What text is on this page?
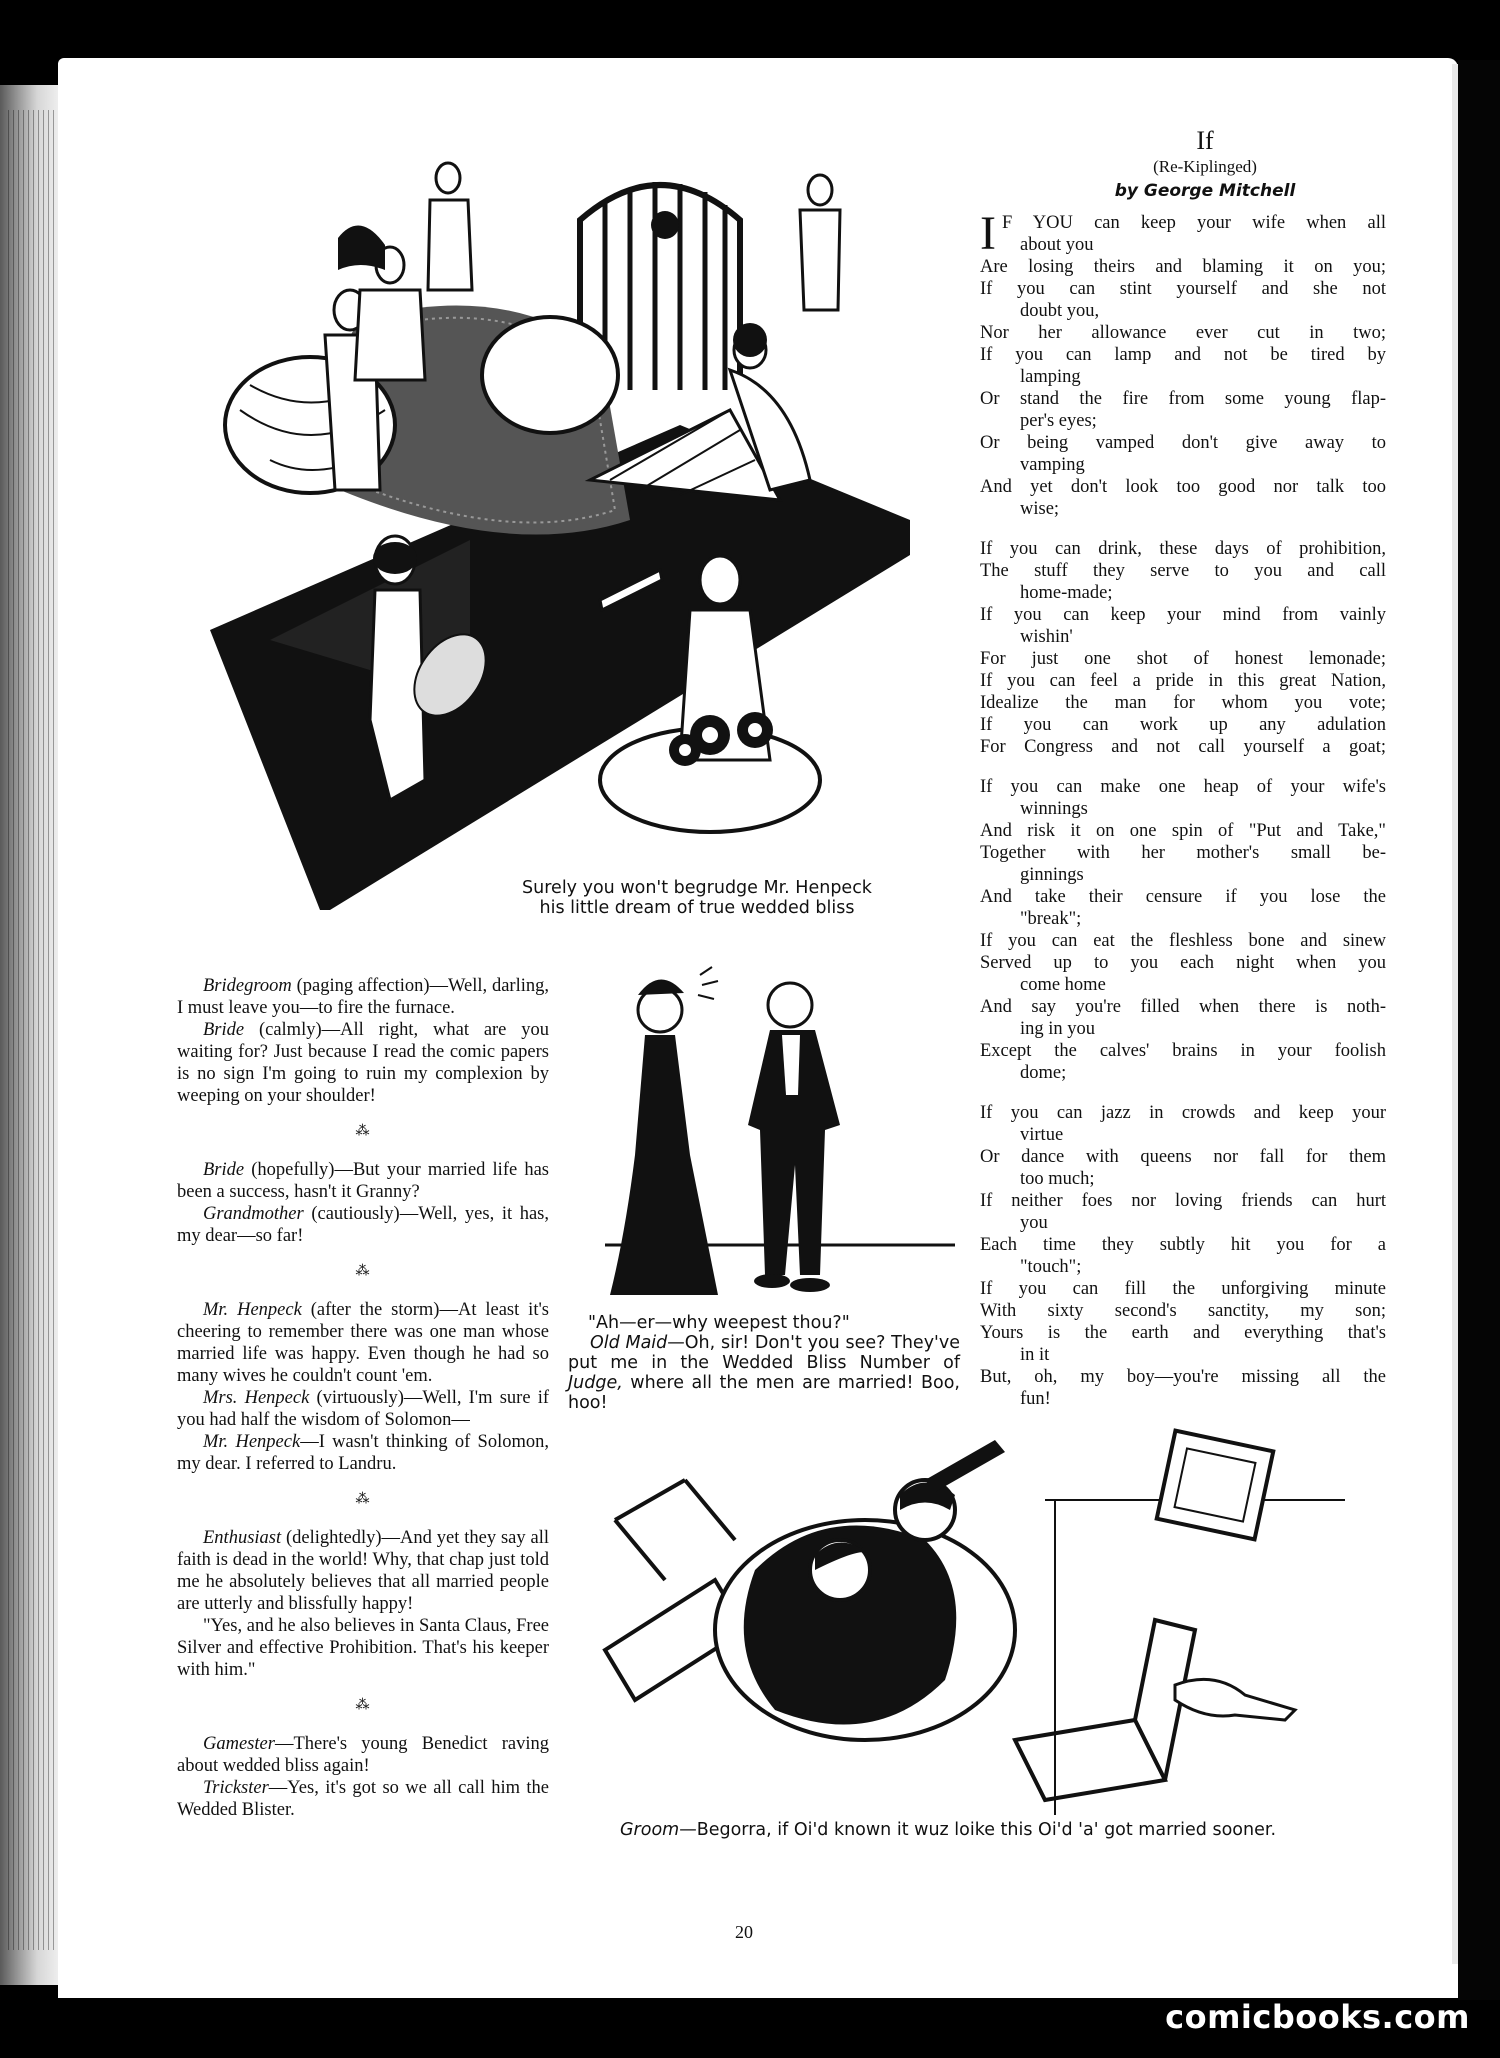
Surely you won't begrudge Mr. Henpeck
his little dream of true wedded bliss
"Ah—er—why weepest thou?"
Old Maid—Oh, sir! Don't you see? They've put me in the Wedded Bliss Number of Judge, where all the men are married! Boo, hoo!
Groom—Begorra, if Oi'd known it wuz loike this Oi'd 'a' got married sooner.
If
(Re-Kiplinged)
by George Mitchell
I F YOU can keep your wife when all
about you
Are losing theirs and blaming it on you;
If you can stint yourself and she not
doubt you,
Nor her allowance ever cut in two;
If you can lamp and not be tired by
lamping
Or stand the fire from some young flap-
per's eyes;
Or being vamped don't give away to
vamping
And yet don't look too good nor talk too
wise;
If you can drink, these days of prohibition,
The stuff they serve to you and call
home-made;
If you can keep your mind from vainly
wishin'
For just one shot of honest lemonade;
If you can feel a pride in this great Nation,
Idealize the man for whom you vote;
If you can work up any adulation
For Congress and not call yourself a goat;
If you can make one heap of your wife's
winnings
And risk it on one spin of "Put and Take,"
Together with her mother's small be-
ginnings
And take their censure if you lose the
"break";
If you can eat the fleshless bone and sinew
Served up to you each night when you
come home
And say you're filled when there is noth-
ing in you
Except the calves' brains in your foolish
dome;
If you can jazz in crowds and keep your
virtue
Or dance with queens nor fall for them
too much;
If neither foes nor loving friends can hurt
you
Each time they subtly hit you for a
"touch";
If you can fill the unforgiving minute
With sixty second's sanctity, my son;
Yours is the earth and everything that's
in it
But, oh, my boy—you're missing all the
fun!

Bridegroom (paging affection)—Well, darling, I must leave you—to fire the furnace.

Bride (calmly)—All right, what are you waiting for? Just because I read the comic papers is no sign I'm going to ruin my complexion by weeping on your shoulder!

⁂

Bride (hopefully)—But your married life has been a success, hasn't it Granny?

Grandmother (cautiously)—Well, yes, it has, my dear—so far!

⁂

Mr. Henpeck (after the storm)—At least it's cheering to remember there was one man whose married life was happy. Even though he had so many wives he couldn't count 'em.

Mrs. Henpeck (virtuously)—Well, I'm sure if you had half the wisdom of Solomon—

Mr. Henpeck—I wasn't thinking of Solomon, my dear. I referred to Landru.

⁂

Enthusiast (delightedly)—And yet they say all faith is dead in the world! Why, that chap just told me he absolutely believes that all married people are utterly and blissfully happy!

"Yes, and he also believes in Santa Claus, Free Silver and effective Prohibition. That's his keeper with him."

⁂

Gamester—There's young Benedict raving about wedded bliss again!

Trickster—Yes, it's got so we all call him the Wedded Blister.

20
comicbooks.com
